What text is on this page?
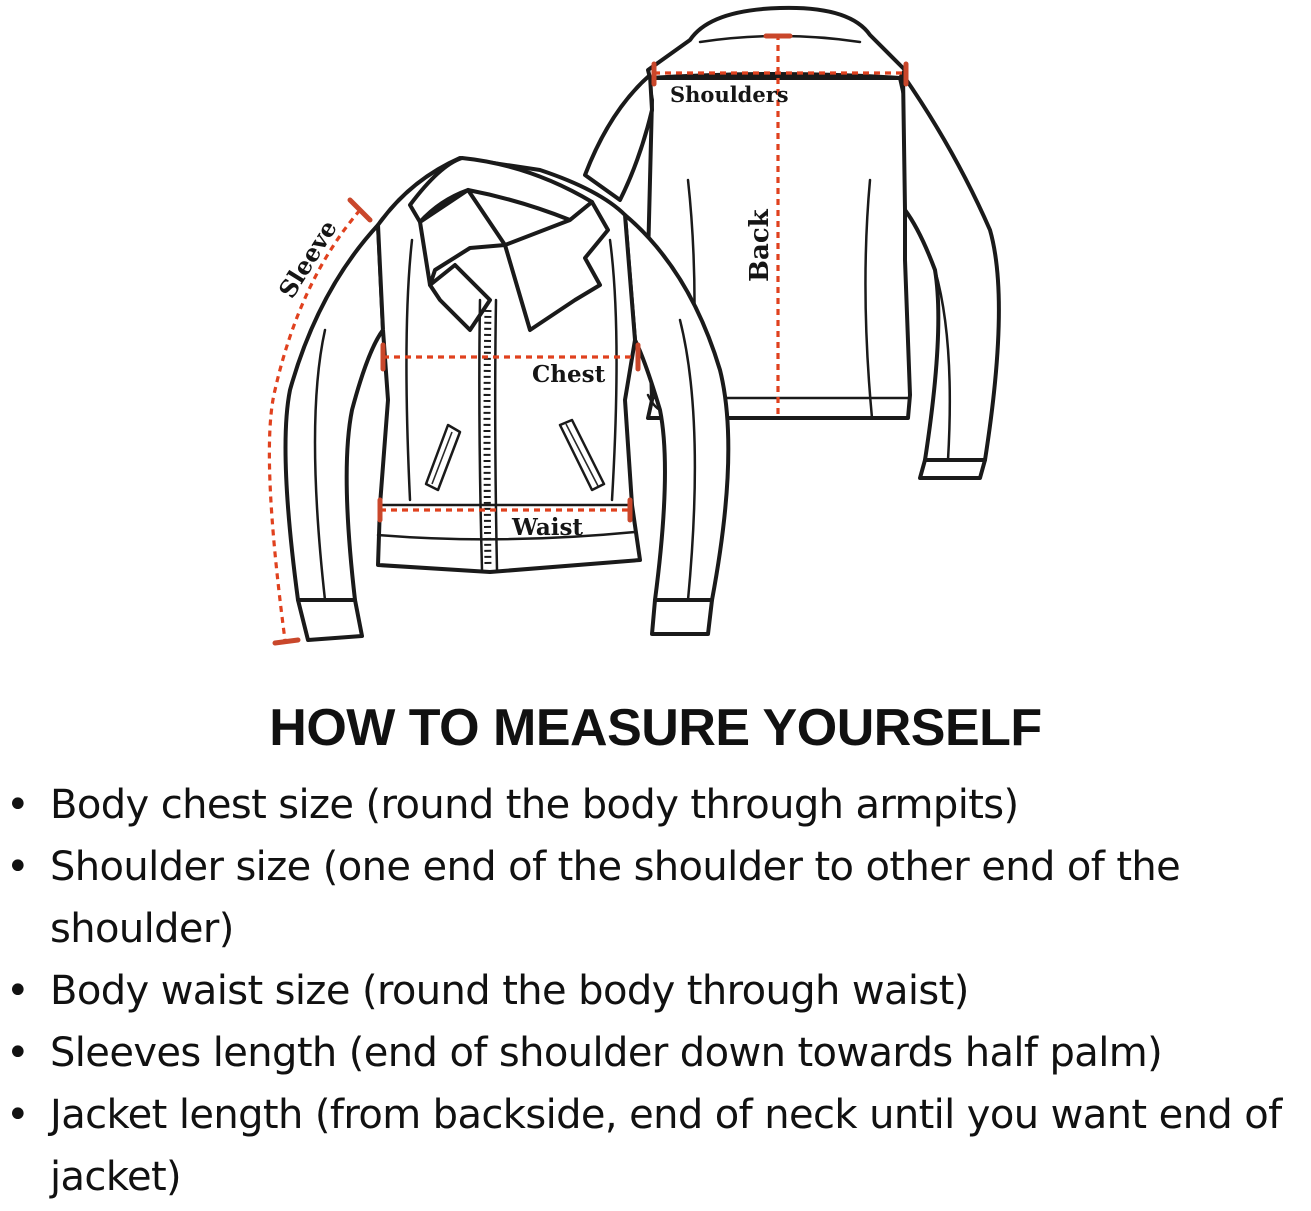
Shoulders
Back
Sleeve
Chest
Waist
HOW TO MEASURE YOURSELF
• Body chest size (round the body through armpits)
• Shoulder size (one end of the shoulder to other end of the shoulder)
• Body waist size (round the body through waist)
• Sleeves length (end of shoulder down towards half palm)
• Jacket length (from backside, end of neck until you want end of jacket)
